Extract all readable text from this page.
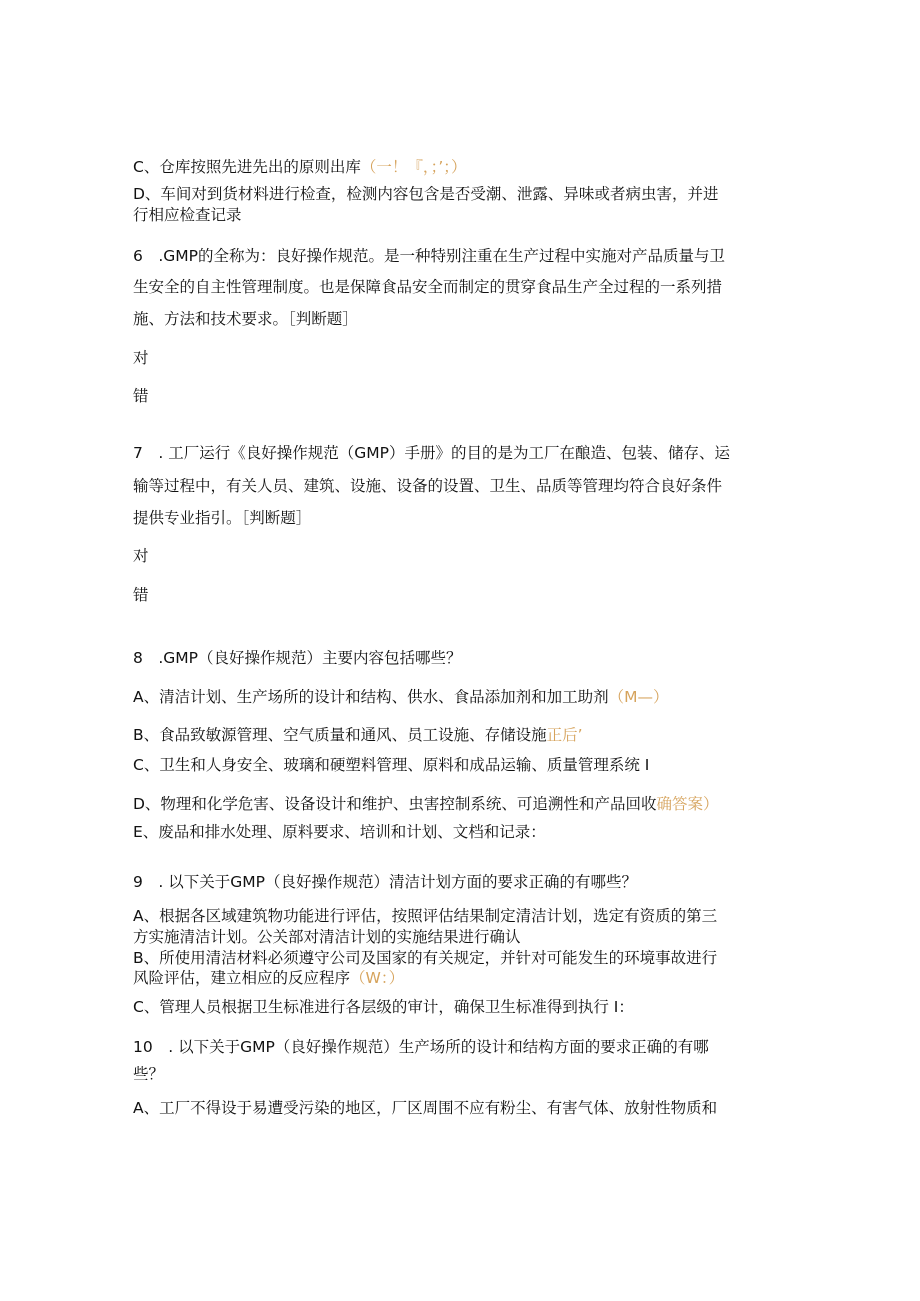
C、仓库按照先进先出的原则出库（一！『，；’；）
D、车间对到货材料进行检查，检测内容包含是否受潮、泄露、异味或者病虫害，并进
行相应检查记录
6　.GMP的全称为：良好操作规范。是一种特别注重在生产过程中实施对产品质量与卫
生安全的自主性管理制度。也是保障食品安全而制定的贯穿食品生产全过程的一系列措
施、方法和技术要求。［判断题］
对
错
7　. 工厂运行《良好操作规范（GMP）手册》的目的是为工厂在酿造、包装、储存、运
输等过程中，有关人员、建筑、设施、设备的设置、卫生、品质等管理均符合良好条件
提供专业指引。［判断题］
对
错
8　.GMP（良好操作规范）主要内容包括哪些？
A、清洁计划、生产场所的设计和结构、供水、食品添加剂和加工助剂（M—）
B、食品致敏源管理、空气质量和通风、员工设施、存储设施正后’
C、卫生和人身安全、玻璃和硬塑料管理、原料和成品运输、质量管理系统 I
D、物理和化学危害、设备设计和维护、虫害控制系统、可追溯性和产品回收确答案）
E、废品和排水处理、原料要求、培训和计划、文档和记录：
9　. 以下关于GMP（良好操作规范）清洁计划方面的要求正确的有哪些？
A、根据各区域建筑物功能进行评估，按照评估结果制定清洁计划，选定有资质的第三
方实施清洁计划。公关部对清洁计划的实施结果进行确认
B、所使用清洁材料必须遵守公司及国家的有关规定，并针对可能发生的环境事故进行
风险评估，建立相应的反应程序（W：）
C、管理人员根据卫生标准进行各层级的审计，确保卫生标准得到执行 I：
10　. 以下关于GMP（良好操作规范）生产场所的设计和结构方面的要求正确的有哪
些？
A、工厂不得设于易遭受污染的地区，厂区周围不应有粉尘、有害气体、放射性物质和
